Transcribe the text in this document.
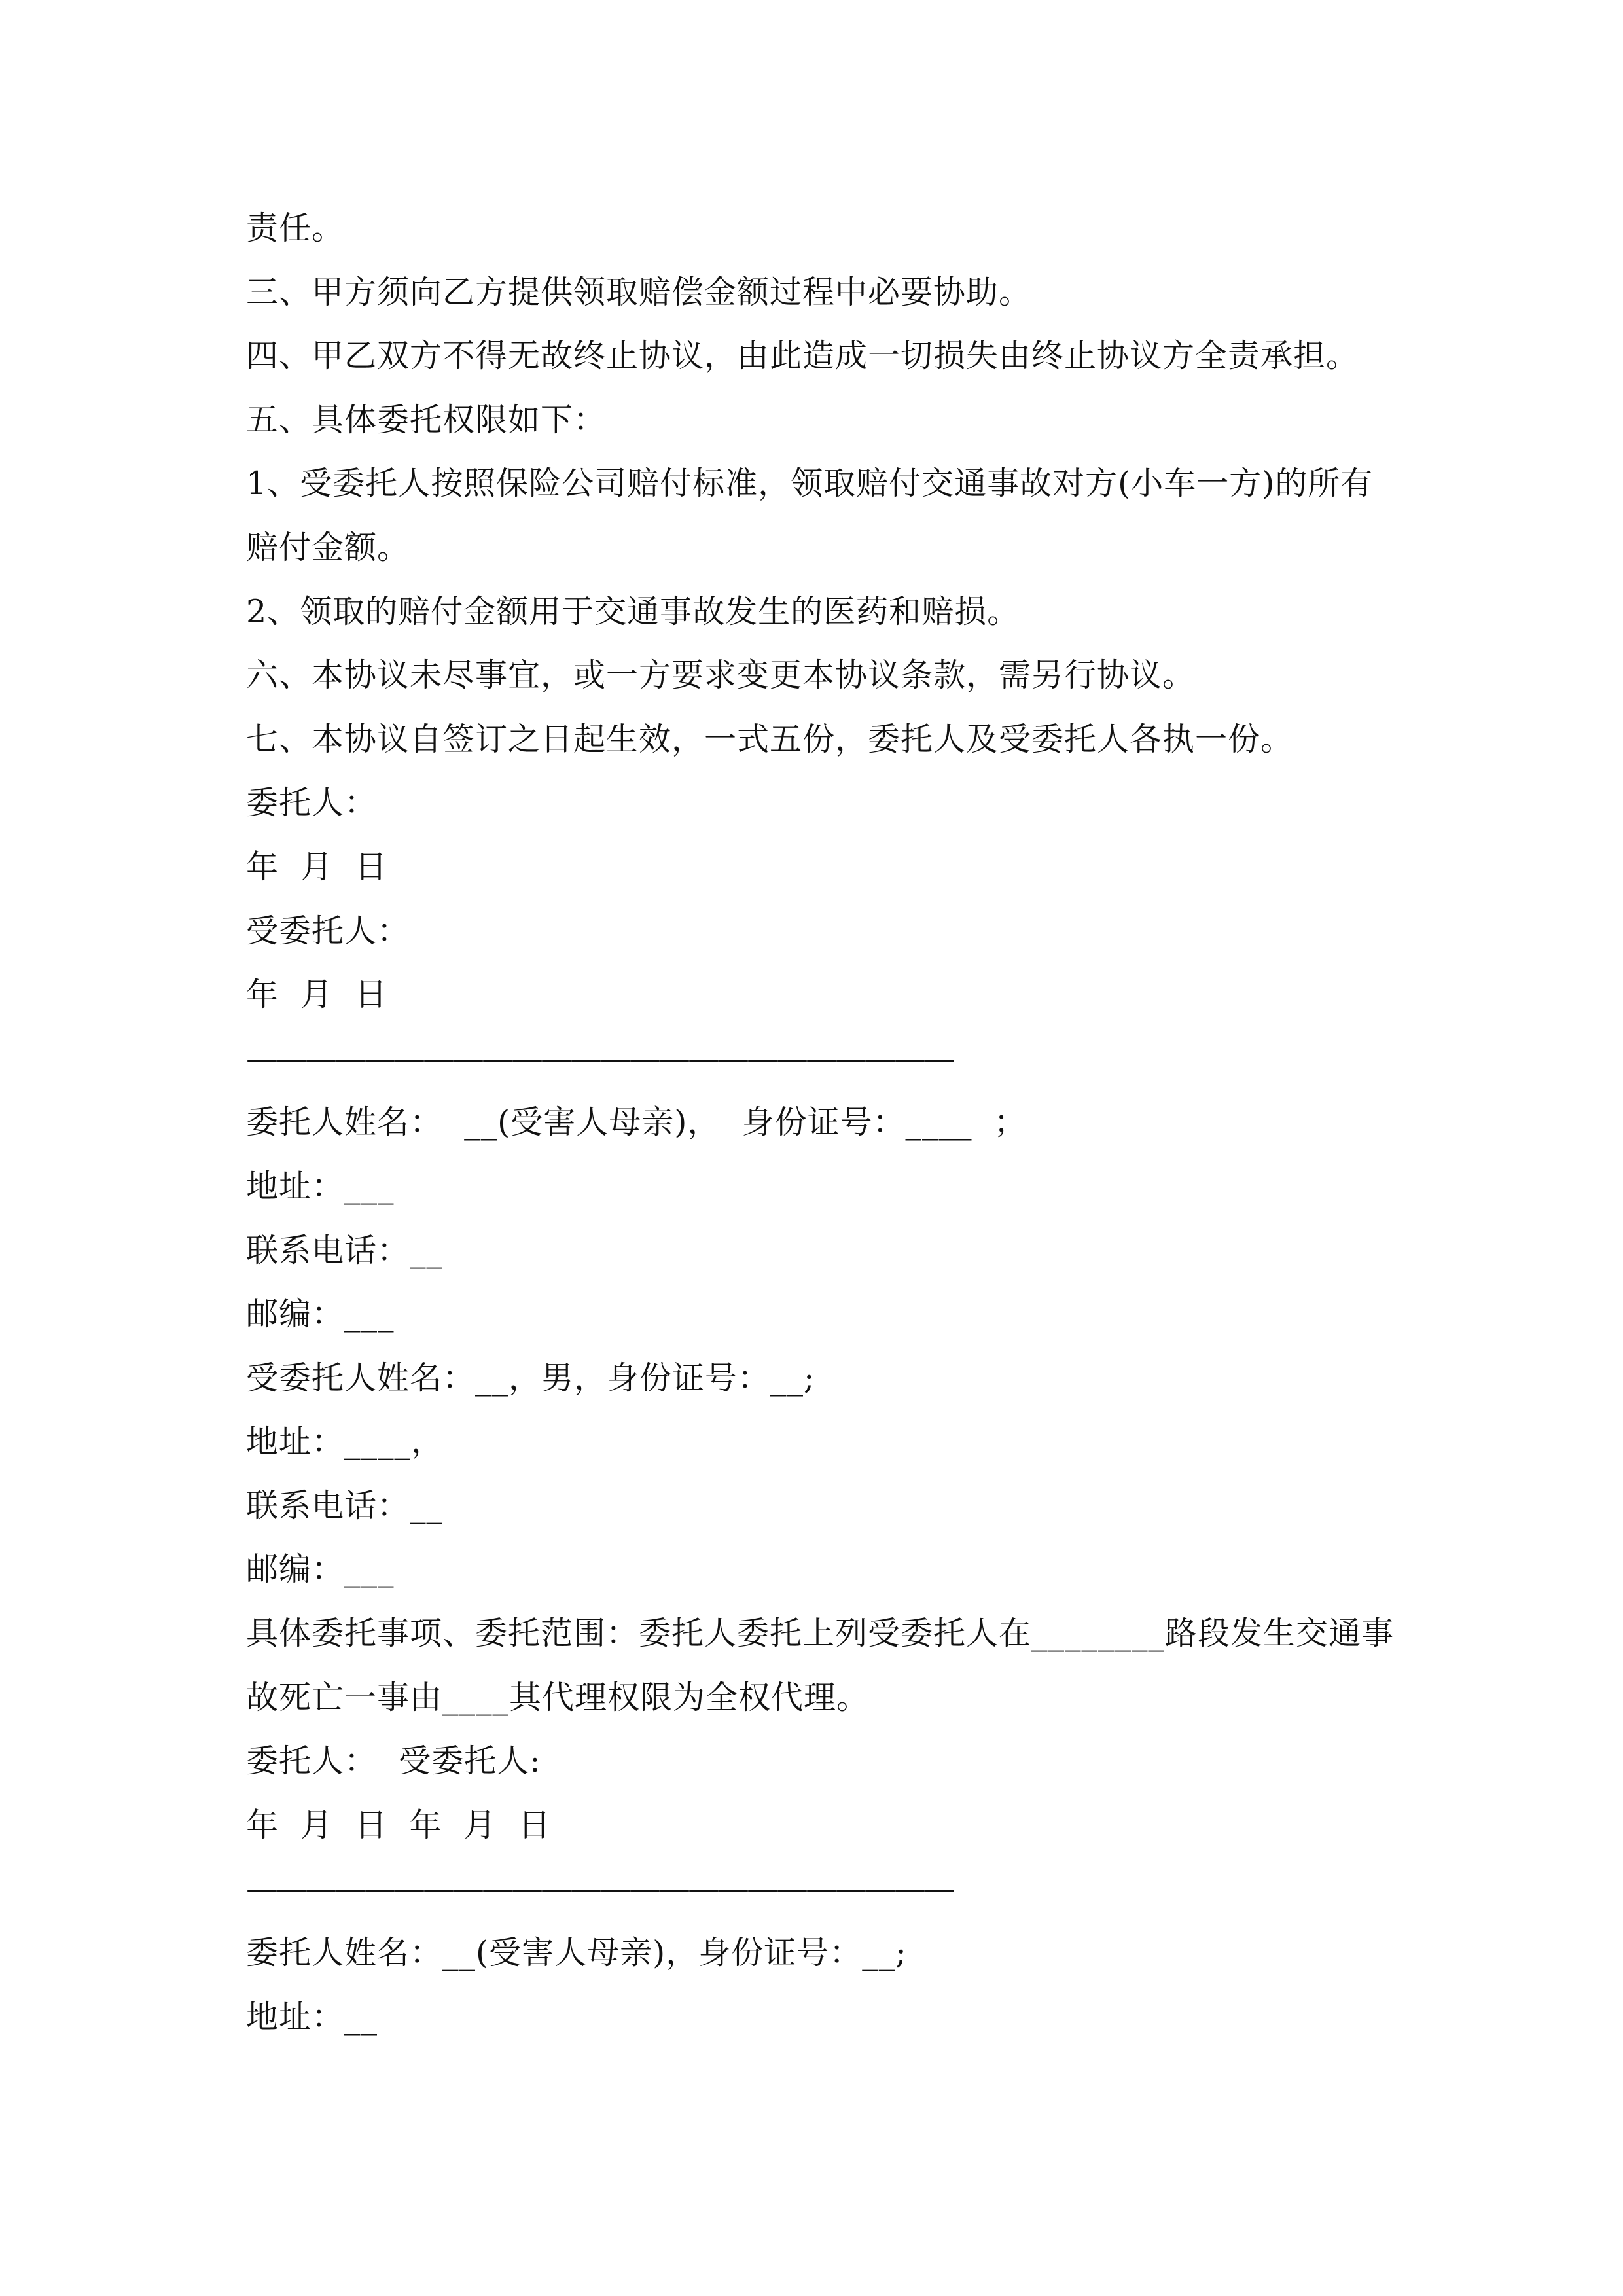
责任。
三、甲方须向乙方提供领取赔偿金额过程中必要协助。
四、甲乙双方不得无故终止协议，由此造成一切损失由终止协议方全责承担。
五、具体委托权限如下：
1、受委托人按照保险公司赔付标准，领取赔付交通事故对方(小车一方)的所有
赔付金额。
2、领取的赔付金额用于交通事故发生的医药和赔损。
六、本协议未尽事宜，或一方要求变更本协议条款，需另行协议。
七、本协议自签订之日起生效，一式五份，委托人及受委托人各执一份。
委托人：
年  月  日
受委托人：
年  月  日
————————————————————————
委托人姓名：  __(受害人母亲)，  身份证号：____  ；
地址：___
联系电话：__
邮编：___
受委托人姓名：__，男，身份证号：__;
地址：____，
联系电话：__
邮编：___
具体委托事项、委托范围：委托人委托上列受委托人在________路段发生交通事
故死亡一事由____其代理权限为全权代理。
委托人：  受委托人:
年  月  日  年  月  日
————————————————————————
委托人姓名：__(受害人母亲)，身份证号：__;
地址：__
